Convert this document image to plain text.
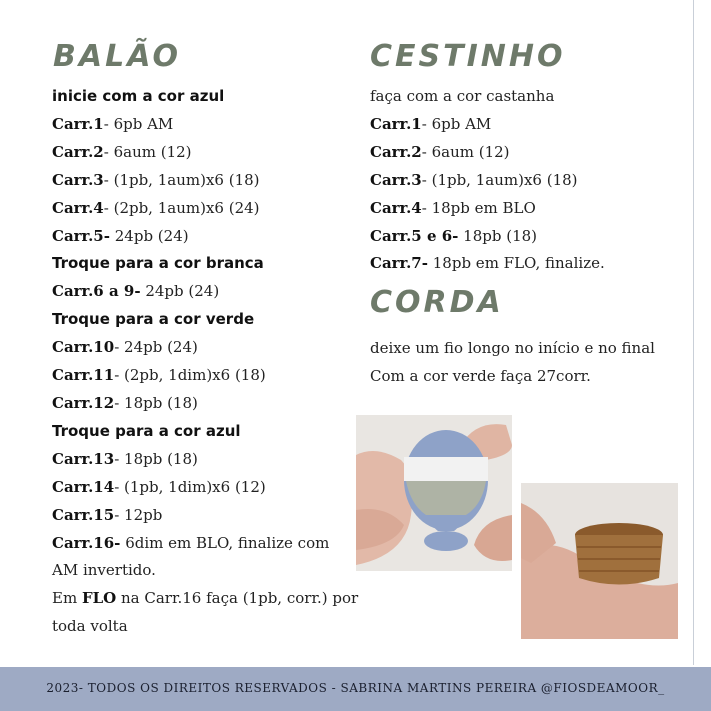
BALÃO
inicie com a cor azul
Carr.1- 6pb AM
Carr.2- 6aum (12)
Carr.3- (1pb, 1aum)x6 (18)
Carr.4- (2pb, 1aum)x6 (24)
Carr.5- 24pb (24)
Troque para a cor branca
Carr.6 a 9- 24pb (24)
Troque para a cor verde
Carr.10- 24pb (24)
Carr.11- (2pb, 1dim)x6 (18)
Carr.12- 18pb (18)
Troque para a cor azul
Carr.13- 18pb (18)
Carr.14- (1pb, 1dim)x6 (12)
Carr.15- 12pb
Carr.16- 6dim em BLO, finalize com
AM invertido.
Em FLO na Carr.16 faça (1pb, corr.) por
toda volta
CESTINHO
faça com a cor castanha
Carr.1- 6pb AM
Carr.2- 6aum (12)
Carr.3- (1pb, 1aum)x6 (18)
Carr.4- 18pb em BLO
Carr.5 e 6- 18pb (18)
Carr.7- 18pb em FLO, finalize.
CORDA
deixe um fio longo no início e no final
Com a cor verde faça 27corr.
2023- TODOS OS DIREITOS RESERVADOS - SABRINA MARTINS PEREIRA @FIOSDEAMOOR_
